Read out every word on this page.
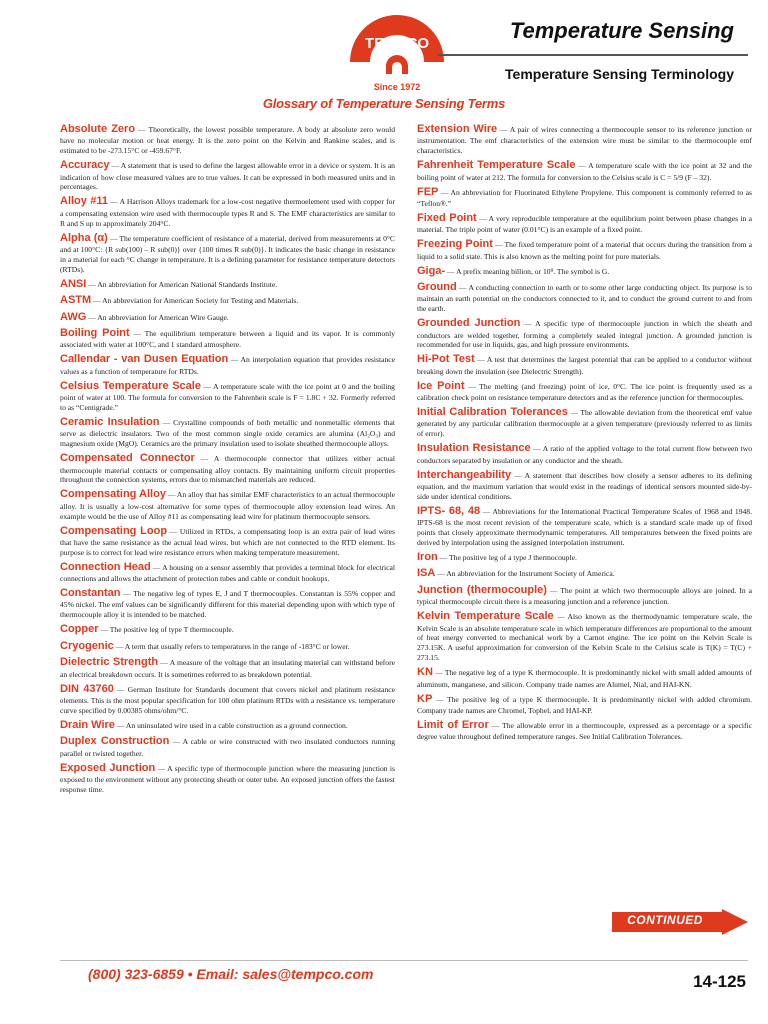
TEMPCO
Since 1972
Temperature Sensing
Temperature Sensing Terminology
Glossary of Temperature Sensing Terms

Absolute Zero — Theoretically, the lowest possible temperature. A body at absolute zero would have no molecular motion or heat energy. It is the zero point on the Kelvin and Rankine scales, and is estimated to be -273.15°C or -459.67°F.

Accuracy — A statement that is used to define the largest allowable error in a device or system. It is an indication of how close measured values are to true values. It can be expressed in both measured units and in percentages.

Alloy #11 — A Harrison Alloys trademark for a low-cost negative thermoelement used with copper for a compensating extension wire used with thermocouple types R and S. The EMF characteristics are similar to R and S up to approximately 204°C.

Alpha (α) — The temperature coefficient of resistance of a material, derived from measurements at 0°C and at 100°C: {R sub(100) – R sub(0)} over {100 times R sub(0)}. It indicates the basic change in resistance in a material for each °C change in temperature. It is a defining parameter for resistance temperature detectors (RTDs).

ANSI — An abbreviation for American National Standards Institute.

ASTM — An abbreviation for American Society for Testing and Materials.

AWG — An abbreviation for American Wire Gauge.

Boiling Point — The equilibrium temperature between a liquid and its vapor. It is commonly associated with water at 100°C, and 1 standard atmosphere.

Callendar - van Dusen Equation — An interpolation equation that provides resistance values as a function of temperature for RTDs.

Celsius Temperature Scale — A temperature scale with the ice point at 0 and the boiling point of water at 100. The formula for conversion to the Fahrenheit scale is F = 1.8C + 32. Formerly referred to as “Centigrade.”

Ceramic Insulation — Crystalline compounds of both metallic and nonmetallic elements that serve as dielectric insulators. Two of the most common single oxide ceramics are alumina (Al₂O₃) and magnesium oxide (MgO). Ceramics are the primary insulation used to isolate sheathed thermocouple alloys.

Compensated Connector — A thermocouple connector that utilizes either actual thermocouple material contacts or compensating alloy contacts. By maintaining uniform circuit properties throughout the connection systems, errors due to mismatched materials are reduced.

Compensating Alloy — An alloy that has similar EMF characteristics to an actual thermocouple alloy. It is usually a low-cost alternative for some types of thermocouple alloy extension lead wires. An example would be the use of Alloy #11 as compensating lead wire for platinum thermocouple sensors.

Compensating Loop — Utilized in RTDs, a compensating loop is an extra pair of lead wires that have the same resistance as the actual lead wires, but which are not connected to the RTD element. Its purpose is to correct for lead wire resistance errors when making temperature measurement.

Connection Head — A housing on a sensor assembly that provides a terminal block for electrical connections and allows the attachment of protection tubes and cable or conduit hookups.

Constantan — The negative leg of types E, J and T thermocouples. Constantan is 55% copper and 45% nickel. The emf values can be significantly different for this material depending upon with which type of thermocouple alloy it is intended to be matched.

Copper — The positive leg of type T thermocouple.

Cryogenic — A term that usually refers to temperatures in the range of -183°C or lower.

Dielectric Strength — A measure of the voltage that an insulating material can withstand before an electrical breakdown occurs. It is sometimes referred to as breakdown potential.

DIN 43760 — German Institute for Standards document that covers nickel and platinum resistance elements. This is the most popular specification for 100 ohm platinum RTDs with a resistance vs. temperature curve specified by 0.00385 ohms/ohm/°C.

Drain Wire — An uninsulated wire used in a cable construction as a ground connection.

Duplex Construction — A cable or wire constructed with two insulated conductors running parallel or twisted together.

Exposed Junction — A specific type of thermocouple junction where the measuring junction is exposed to the environment without any protecting sheath or outer tube. An exposed junction offers the fastest response time.

Extension Wire — A pair of wires connecting a thermocouple sensor to its reference junction or instrumentation. The emf characteristics of the extension wire must be similar to the thermocouple emf characteristics.

Fahrenheit Temperature Scale — A temperature scale with the ice point at 32 and the boiling point of water at 212. The formula for conversion to the Celsius scale is C = 5/9 (F – 32).

FEP — An abbreviation for Fluorinated Ethylene Propylene. This component is commonly referred to as “Teflon®.”

Fixed Point — A very reproducible temperature at the equilibrium point between phase changes in a material. The triple point of water (0.01°C) is an example of a fixed point.

Freezing Point — The fixed temperature point of a material that occurs during the transition from a liquid to a solid state. This is also known as the melting point for pure materials.

Giga- — A prefix meaning billion, or 10⁹. The symbol is G.

Ground — A conducting connection to earth or to some other large conducting object. Its purpose is to maintain an earth potential on the conductors connected to it, and to conduct the ground current to and from the earth.

Grounded Junction — A specific type of thermocouple junction in which the sheath and conductors are welded together, forming a completely sealed integral junction. A grounded junction is recommended for use in liquids, gas, and high pressure environments.

Hi-Pot Test — A test that determines the largest potential that can be applied to a conductor without breaking down the insulation (see Dielectric Strength).

Ice Point — The melting (and freezing) point of ice, 0°C. The ice point is frequently used as a calibration check point on resistance temperature detectors and as the reference junction for thermocouples.

Initial Calibration Tolerances — The allowable deviation from the theoretical emf value generated by any particular calibration thermocouple at a given temperature (previously referred to as limits of error).

Insulation Resistance — A ratio of the applied voltage to the total current flow between two conductors separated by insulation or any conductor and the sheath.

Interchangeability — A statement that describes how closely a sensor adheres to its defining equation, and the maximum variation that would exist in the readings of identical sensors mounted side-by-side under identical conditions.

IPTS- 68, 48 — Abbreviations for the International Practical Temperature Scales of 1968 and 1948. IPTS-68 is the most recent revision of the temperature scale, which is a standard scale made up of fixed points that closely approximate thermodynamic temperatures. All temperatures between the fixed points are derived by interpolation using the assigned interpolation instrument.

Iron — The positive leg of a type J thermocouple.

ISA — An abbreviation for the Instrument Society of America.

Junction (thermocouple) — The point at which two thermocouple alloys are joined. In a typical thermocouple circuit there is a measuring junction and a reference junction.

Kelvin Temperature Scale — Also known as the thermodynamic temperature scale, the Kelvin Scale is an absolute temperature scale in which temperature differences are proportional to the amount of heat energy converted to mechanical work by a Carnot engine. The ice point on the Kelvin Scale is 273.15K. A useful approximation for conversion of the Kelvin Scale to the Celsius scale is T(K) = T(C) + 273.15.

KN — The negative leg of a type K thermocouple. It is predominantly nickel with small added amounts of aluminum, manganese, and silicon. Company trade names are Alumel, Nial, and HAI-KN.

KP — The positive leg of a type K thermocouple. It is predominantly nickel with added chromium. Company trade names are Chromel, Tophel, and HAI-KP.

Limit of Error — The allowable error in a thermocouple, expressed as a percentage or a specific degree value throughout defined temperature ranges. See Initial Calibration Tolerances.

CONTINUED

(800) 323-6859 • Email: sales@tempco.com	14-125
